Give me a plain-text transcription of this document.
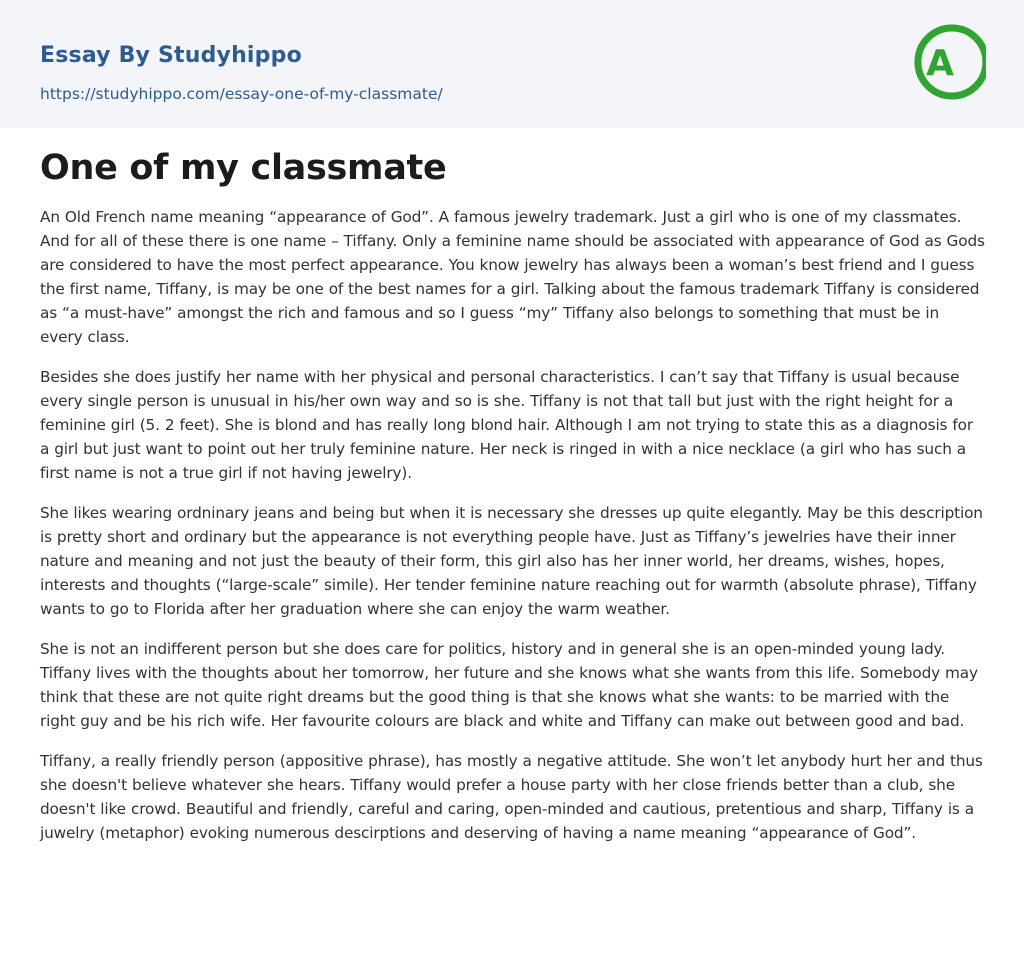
Essay By Studyhippo
https://studyhippo.com/essay-one-of-my-classmate/
A
One of my classmate

An Old French name meaning “appearance of God”. A famous jewelry trademark. Just a girl who is one of my classmates. And for all of these there is one name – Tiffany. Only a feminine name should be associated with appearance of God as Gods are considered to have the most perfect appearance. You know jewelry has always been a woman’s best friend and I guess the first name, Tiffany, is may be one of the best names for a girl. Talking about the famous trademark Tiffany is considered as “a must-have” amongst the rich and famous and so I guess “my” Tiffany also belongs to something that must be in every class.

Besides she does justify her name with her physical and personal characteristics. I can’t say that Tiffany is usual because every single person is unusual in his/her own way and so is she. Tiffany is not that tall but just with the right height for a feminine girl (5. 2 feet). She is blond and has really long blond hair. Although I am not trying to state this as a diagnosis for a girl but just want to point out her truly feminine nature. Her neck is ringed in with a nice necklace (a girl who has such a first name is not a true girl if not having jewelry).

She likes wearing ordninary jeans and being but when it is necessary she dresses up quite elegantly. May be this description is pretty short and ordinary but the appearance is not everything people have. Just as Tiffany’s jewelries have their inner nature and meaning and not just the beauty of their form, this girl also has her inner world, her dreams, wishes, hopes, interests and thoughts (“large-scale” simile). Her tender feminine nature reaching out for warmth (absolute phrase), Tiffany wants to go to Florida after her graduation where she can enjoy the warm weather.

She is not an indifferent person but she does care for politics, history and in general she is an open-minded young lady. Tiffany lives with the thoughts about her tomorrow, her future and she knows what she wants from this life. Somebody may think that these are not quite right dreams but the good thing is that she knows what she wants: to be married with the right guy and be his rich wife. Her favourite colours are black and white and Tiffany can make out between good and bad.

Tiffany, a really friendly person (appositive phrase), has mostly a negative attitude. She won’t let anybody hurt her and thus she doesn't believe whatever she hears. Tiffany would prefer a house party with her close friends better than a club, she doesn't like crowd. Beautiful and friendly, careful and caring, open-minded and cautious, pretentious and sharp, Tiffany is a juwelry (metaphor) evoking numerous descirptions and deserving of having a name meaning “appearance of God”.
